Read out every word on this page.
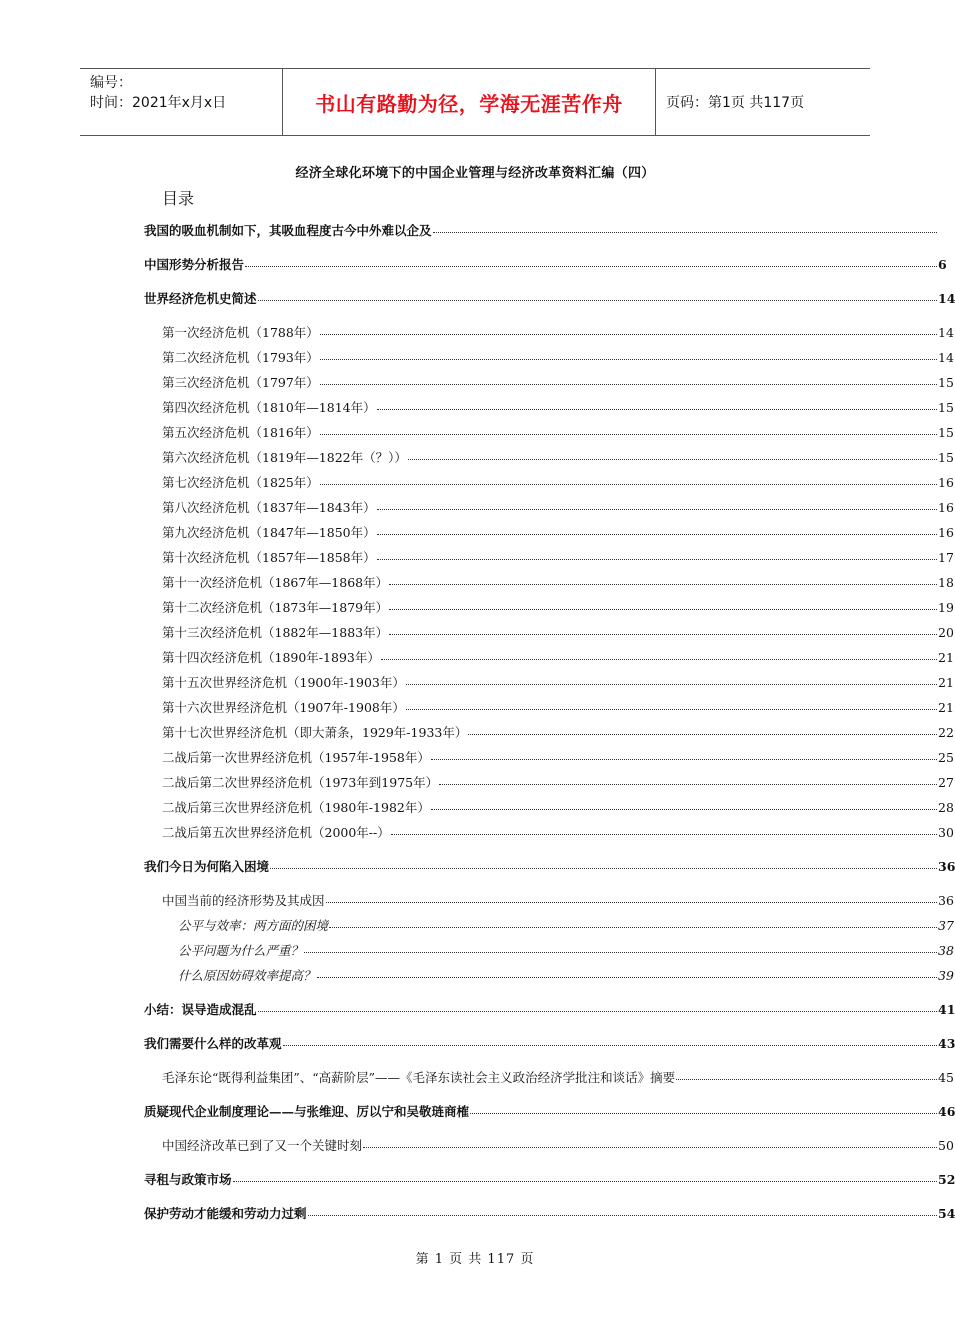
编号：
时间：2021年x月x日	书山有路勤为径，学海无涯苦作舟	页码：第1页 共117页
经济全球化环境下的中国企业管理与经济改革资料汇编（四）
目录
我国的吸血机制如下，其吸血程度古今中外难以企及
中国形势分析报告	6
世界经济危机史简述	14
第一次经济危机（1788年）	14
第二次经济危机（1793年）	14
第三次经济危机（1797年）	15
第四次经济危机（1810年—1814年）	15
第五次经济危机（1816年）	15
第六次经济危机（1819年—1822年（？））	15
第七次经济危机（1825年）	16
第八次经济危机（1837年—1843年）	16
第九次经济危机（1847年—1850年）	16
第十次经济危机（1857年—1858年）	17
第十一次经济危机（1867年—1868年）	18
第十二次经济危机（1873年—1879年）	19
第十三次经济危机（1882年—1883年）	20
第十四次经济危机（1890年-1893年）	21
第十五次世界经济危机（1900年-1903年）	21
第十六次世界经济危机（1907年-1908年）	21
第十七次世界经济危机（即大萧条，1929年-1933年）	22
二战后第一次世界经济危机（1957年-1958年）	25
二战后第二次世界经济危机（1973年到1975年）	27
二战后第三次世界经济危机（1980年-1982年）	28
二战后第五次世界经济危机（2000年--）	30
我们今日为何陷入困境	36
中国当前的经济形势及其成因	36
公平与效率：两方面的困境	37
公平问题为什么严重？	38
什么原因妨碍效率提高？	39
小结：误导造成混乱	41
我们需要什么样的改革观	43
毛泽东论“既得利益集团”、“高薪阶层”——《毛泽东读社会主义政治经济学批注和谈话》摘要	45
质疑现代企业制度理论——与张维迎、厉以宁和吴敬琏商榷	46
中国经济改革已到了又一个关键时刻	50
寻租与政策市场	52
保护劳动才能缓和劳动力过剩	54
第 1 页 共 117 页
